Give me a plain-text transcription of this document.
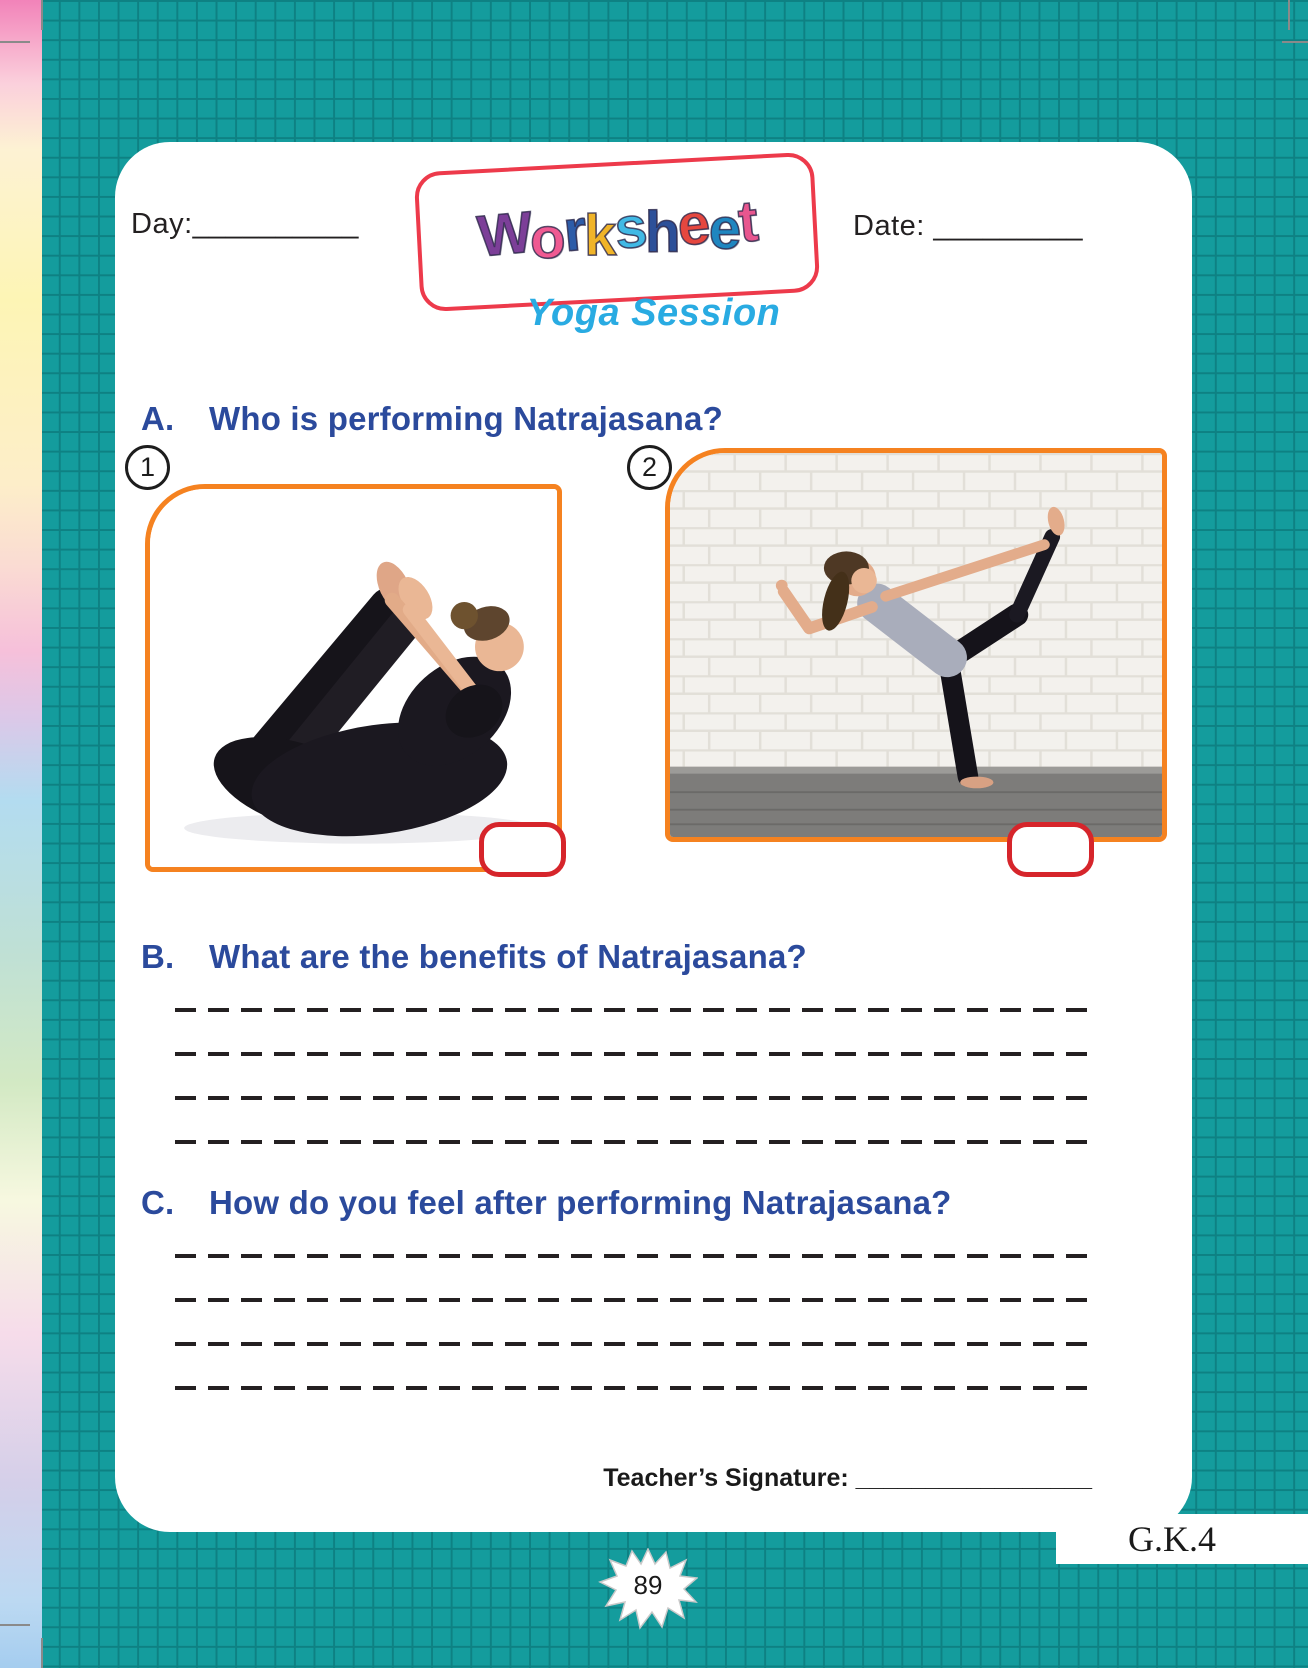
Day:__________ Worksheet	Date: _________
Yoga Session
A. Who is performing Natrajasana?
1	2
B. What are the benefits of Natrajasana?
C. How do you feel after performing Natrajasana?
Teacher’s Signature: _________________
89
G.K.4
